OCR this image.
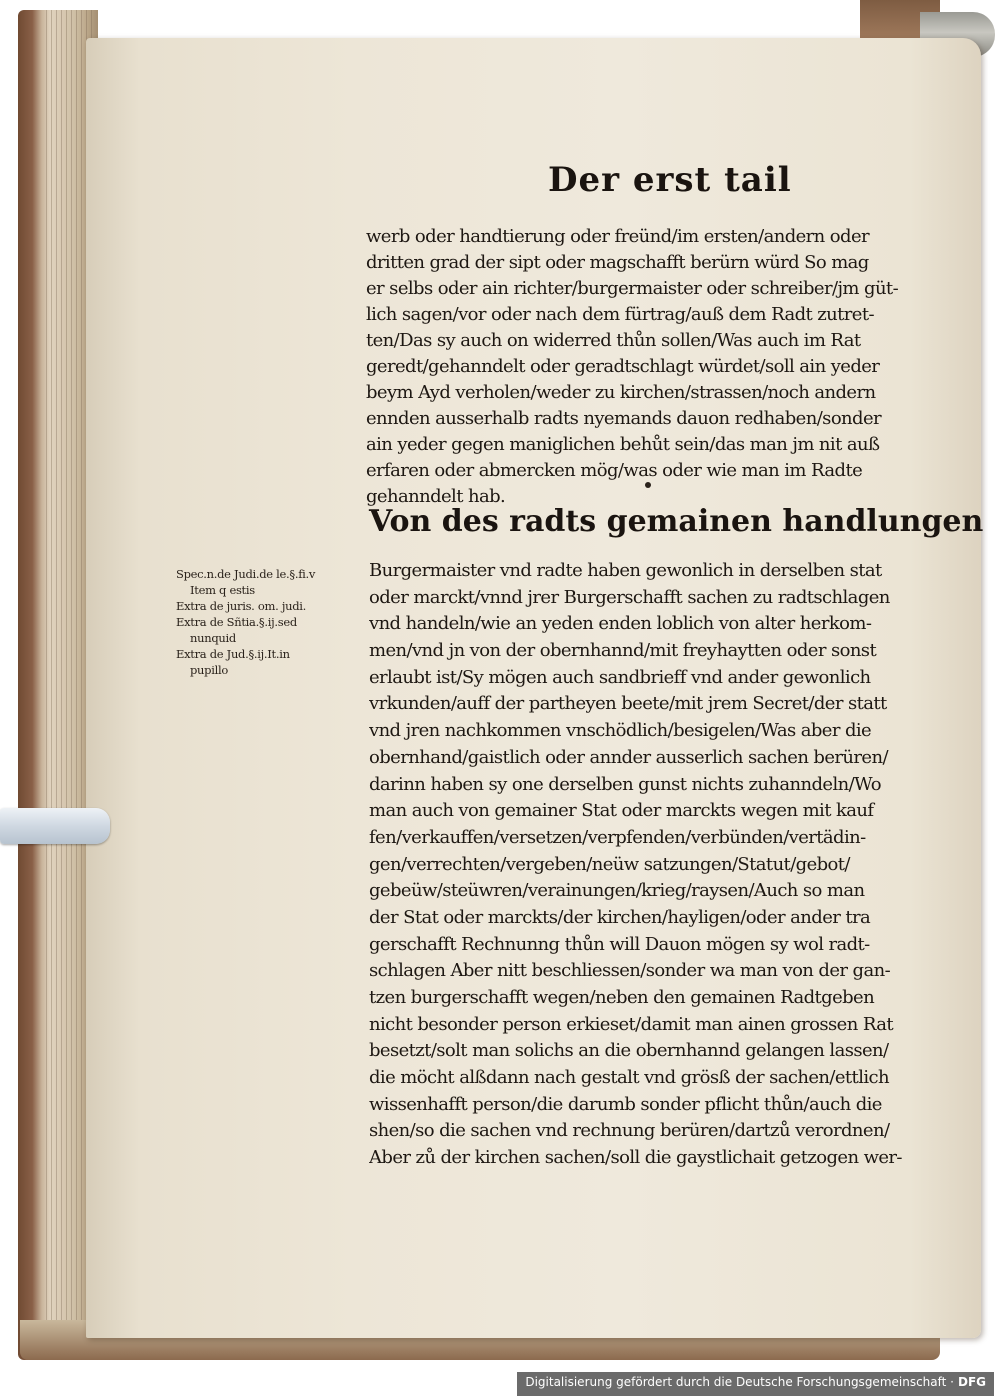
Der erst tail
werb oder handtierung oder freünd/im ersten/andern oder
dritten grad der sipt oder magschafft berürn würd So mag
er selbs oder ain richter/burgermaister oder schreiber/jm güt-
lich sagen/vor oder nach dem fürtrag/auß dem Radt zutret-
ten/Das sy auch on widerred thůn sollen/Was auch im Rat
geredt/gehanndelt oder geradtschlagt würdet/soll ain yeder
beym Ayd verholen/weder zu kirchen/strassen/noch andern
ennden ausserhalb radts nyemands dauon redhaben/sonder
ain yeder gegen maniglichen behůt sein/das man jm nit auß
erfaren oder abmercken mög/was oder wie man im Radte
gehanndelt hab.
Von des radts gemainen handlungen
Burgermaister vnd radte haben gewonlich in derselben stat
oder marckt/vnnd jrer Burgerschafft sachen zu radtschlagen
vnd handeln/wie an yeden enden loblich von alter herkom-
men/vnd jn von der obernhannd/mit freyhaytten oder sonst
erlaubt ist/Sy mögen auch sandbrieff vnd ander gewonlich
vrkunden/auff der partheyen beete/mit jrem Secret/der statt
vnd jren nachkommen vnschödlich/besigelen/Was aber die
obernhand/gaistlich oder annder ausserlich sachen berüren/
darinn haben sy one derselben gunst nichts zuhanndeln/Wo
man auch von gemainer Stat oder marckts wegen mit kauf
fen/verkauffen/versetzen/verpfenden/verbünden/vertädin-
gen/verrechten/vergeben/neüw satzungen/Statut/gebot/
gebeüw/steüwren/verainungen/krieg/raysen/Auch so man
der Stat oder marckts/der kirchen/hayligen/oder ander tra
gerschafft Rechnunng thůn will Dauon mögen sy wol radt-
schlagen Aber nitt beschliessen/sonder wa man von der gan-
tzen burgerschafft wegen/neben den gemainen Radtgeben
nicht besonder person erkieset/damit man ainen grossen Rat
besetzt/solt man solichs an die obernhannd gelangen lassen/
die möcht alßdann nach gestalt vnd grösß der sachen/ettlich
wissenhafft person/die darumb sonder pflicht thůn/auch die
shen/so die sachen vnd rechnung berüren/dartzů verordnen/
Aber zů der kirchen sachen/soll die gaystlichait getzogen wer-
Spec.n.de Judi.de le.§.fi.v
Item q estis
Extra de juris. om. judi.
Extra de Sñtia.§.ij.sed
nunquid
Extra de Jud.§.ij.It.in
pupillo
Digitalisierung gefördert durch die Deutsche Forschungsgemeinschaft · DFG
